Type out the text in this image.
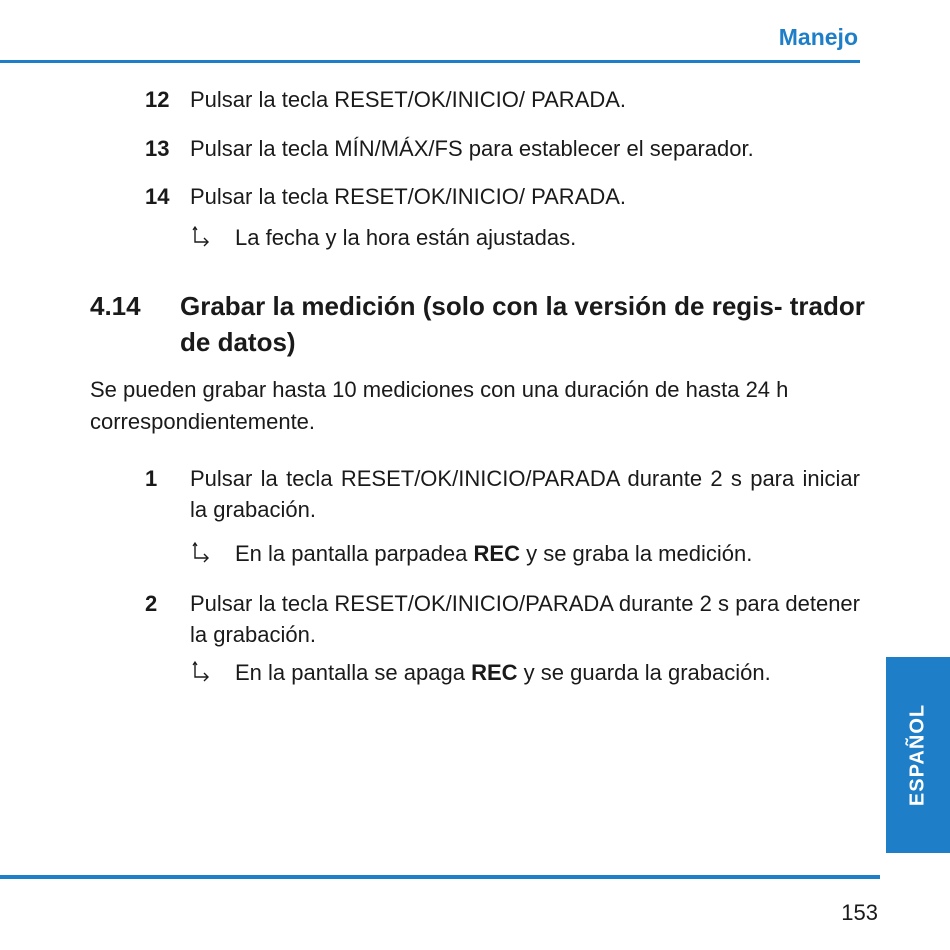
Manejo
12 Pulsar la tecla RESET/OK/INICIO/ PARADA.
13 Pulsar la tecla MÍN/MÁX/FS para establecer el separador.
14 Pulsar la tecla RESET/OK/INICIO/ PARADA.
La fecha y la hora están ajustadas.
4.14 Grabar la medición (solo con la versión de regis- trador de datos)
Se pueden grabar hasta 10 mediciones con una duración de hasta 24 h correspondientemente.
1	Pulsar la tecla RESET/OK/INICIO/PARADA durante 2 s para iniciar la grabación.
En la pantalla parpadea REC y se graba la medición.
2	Pulsar la tecla RESET/OK/INICIO/PARADA durante 2 s para detener la grabación.
En la pantalla se apaga REC y se guarda la grabación.
ESPAÑOL
153
